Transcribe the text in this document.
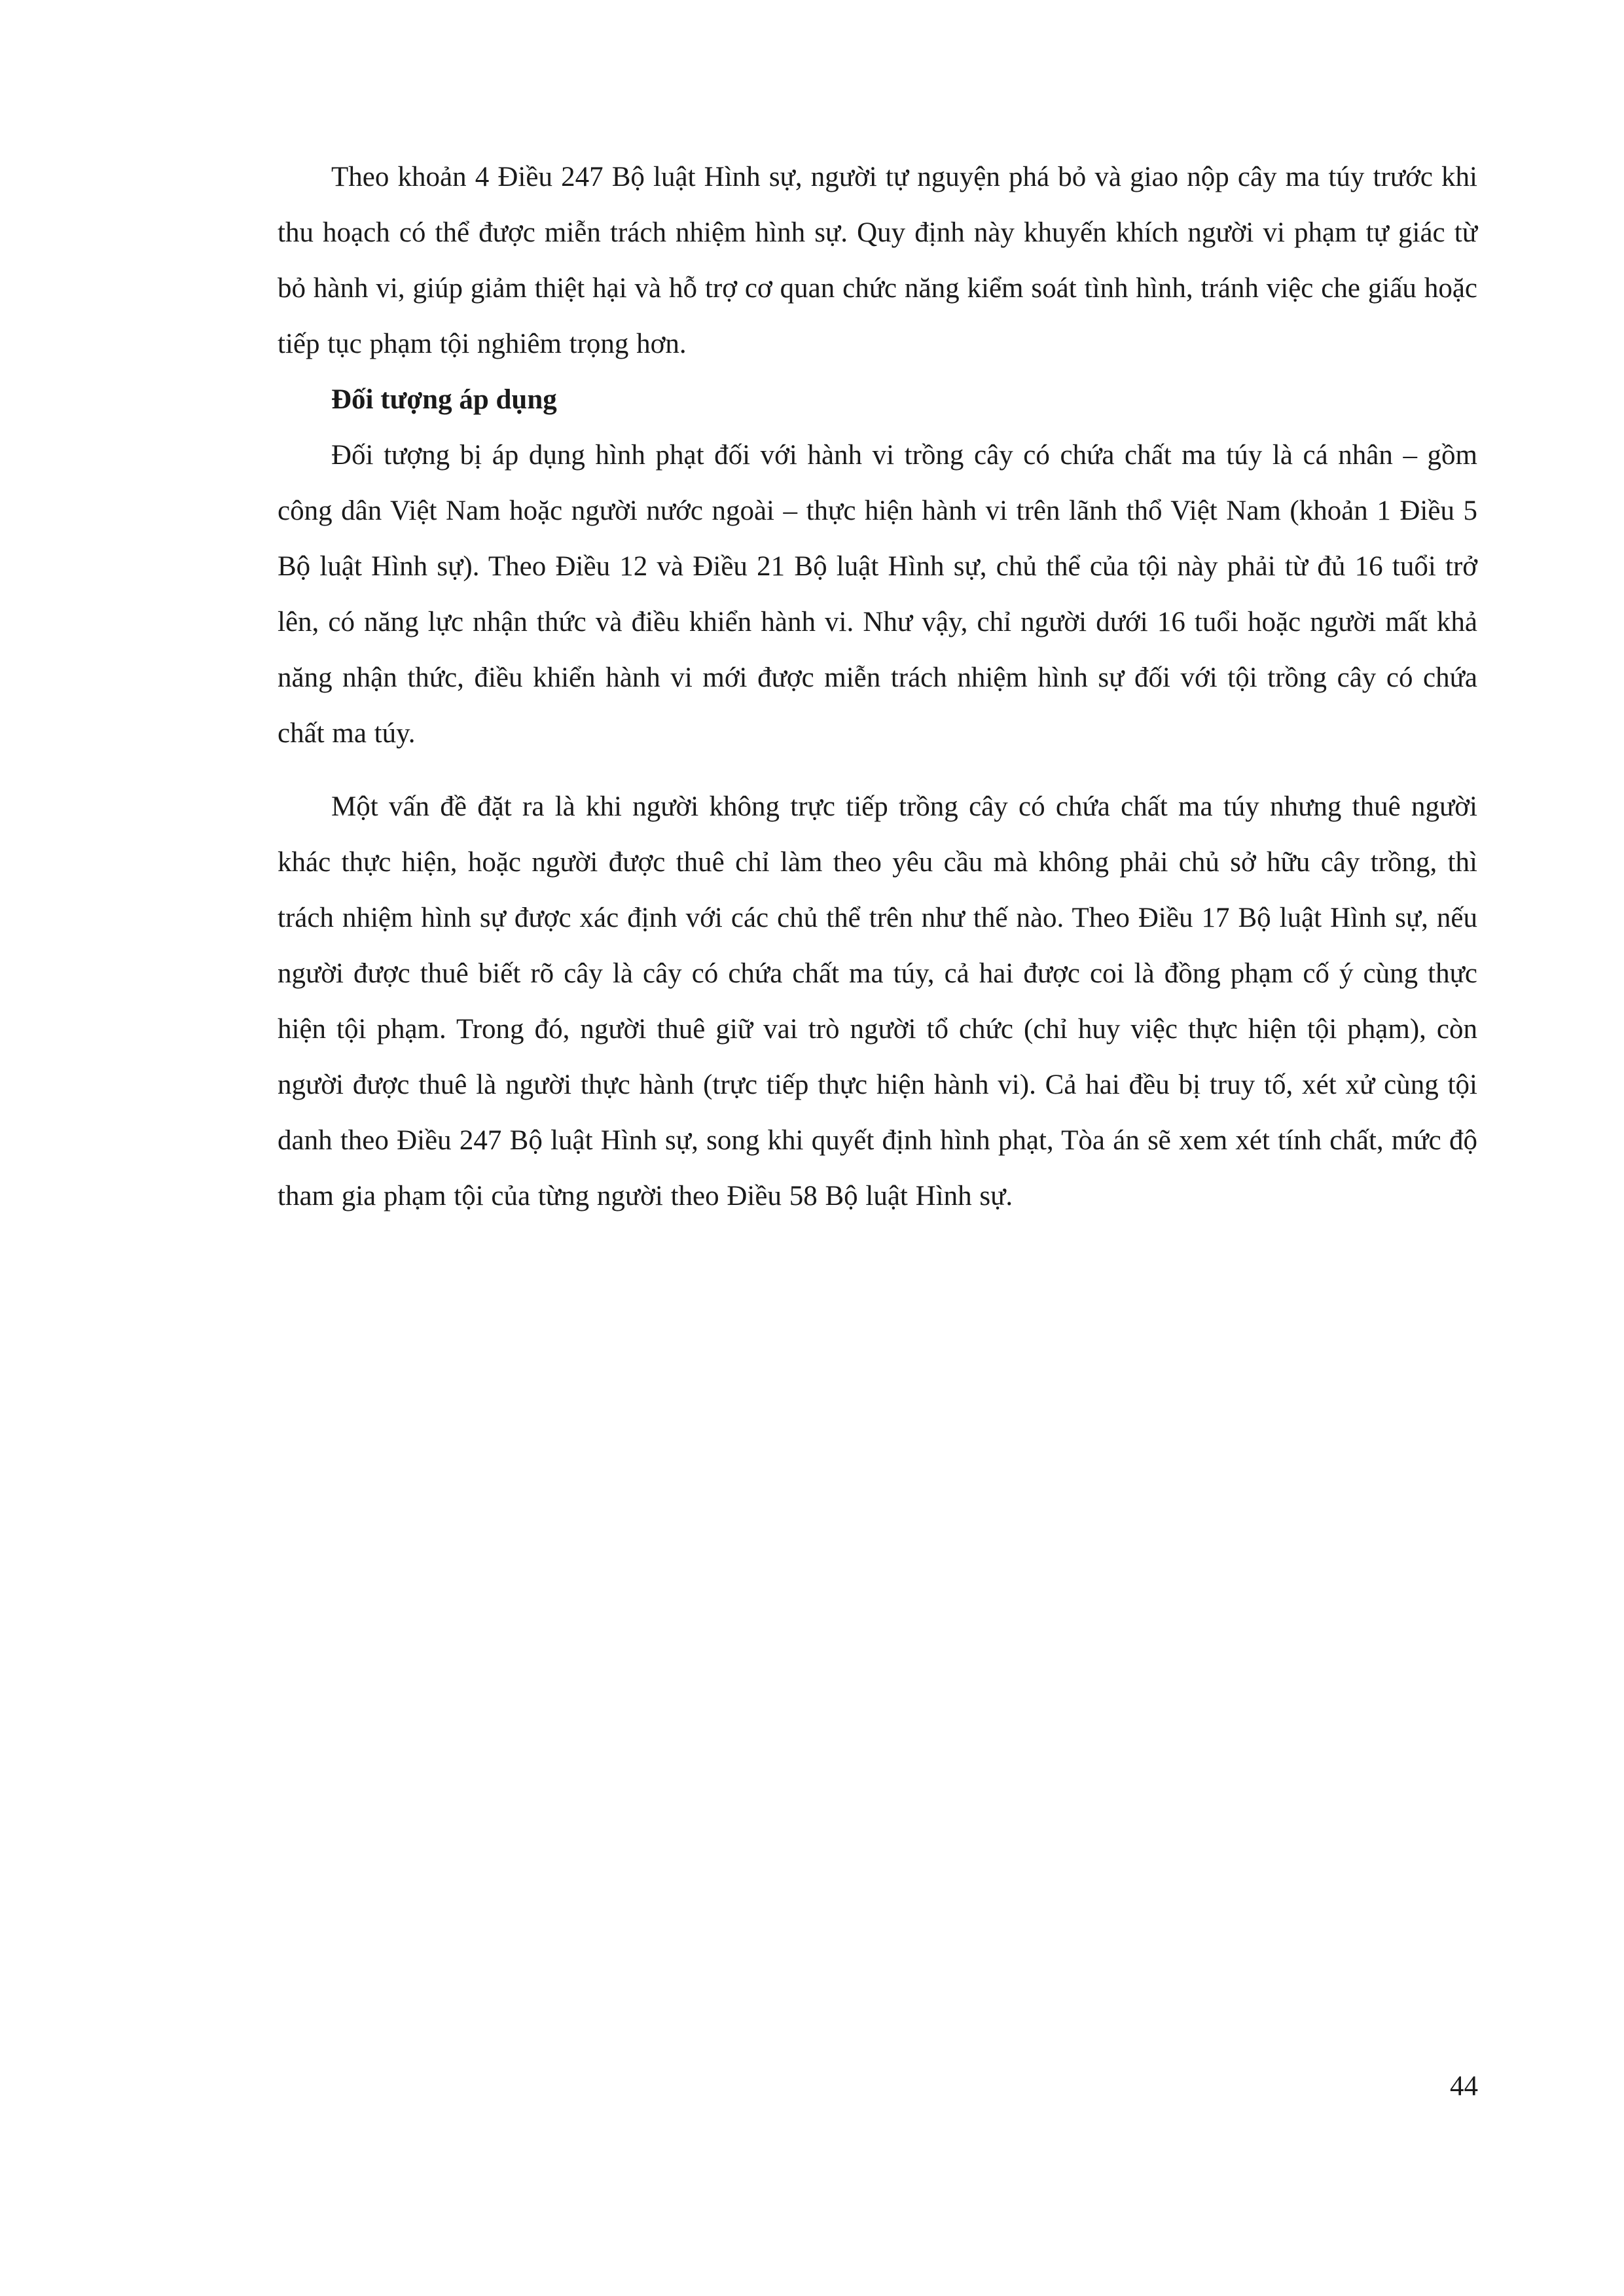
Theo khoản 4 Điều 247 Bộ luật Hình sự, người tự nguyện phá bỏ và giao nộp cây ma túy trước khi thu hoạch có thể được miễn trách nhiệm hình sự. Quy định này khuyến khích người vi phạm tự giác từ bỏ hành vi, giúp giảm thiệt hại và hỗ trợ cơ quan chức năng kiểm soát tình hình, tránh việc che giấu hoặc tiếp tục phạm tội nghiêm trọng hơn.

Đối tượng áp dụng

Đối tượng bị áp dụng hình phạt đối với hành vi trồng cây có chứa chất ma túy là cá nhân – gồm công dân Việt Nam hoặc người nước ngoài – thực hiện hành vi trên lãnh thổ Việt Nam (khoản 1 Điều 5 Bộ luật Hình sự). Theo Điều 12 và Điều 21 Bộ luật Hình sự, chủ thể của tội này phải từ đủ 16 tuổi trở lên, có năng lực nhận thức và điều khiển hành vi. Như vậy, chỉ người dưới 16 tuổi hoặc người mất khả năng nhận thức, điều khiển hành vi mới được miễn trách nhiệm hình sự đối với tội trồng cây có chứa chất ma túy.

Một vấn đề đặt ra là khi người không trực tiếp trồng cây có chứa chất ma túy nhưng thuê người khác thực hiện, hoặc người được thuê chỉ làm theo yêu cầu mà không phải chủ sở hữu cây trồng, thì trách nhiệm hình sự được xác định với các chủ thể trên như thế nào. Theo Điều 17 Bộ luật Hình sự, nếu người được thuê biết rõ cây là cây có chứa chất ma túy, cả hai được coi là đồng phạm cố ý cùng thực hiện tội phạm. Trong đó, người thuê giữ vai trò người tổ chức (chỉ huy việc thực hiện tội phạm), còn người được thuê là người thực hành (trực tiếp thực hiện hành vi). Cả hai đều bị truy tố, xét xử cùng tội danh theo Điều 247 Bộ luật Hình sự, song khi quyết định hình phạt, Tòa án sẽ xem xét tính chất, mức độ tham gia phạm tội của từng người theo Điều 58 Bộ luật Hình sự.

44
